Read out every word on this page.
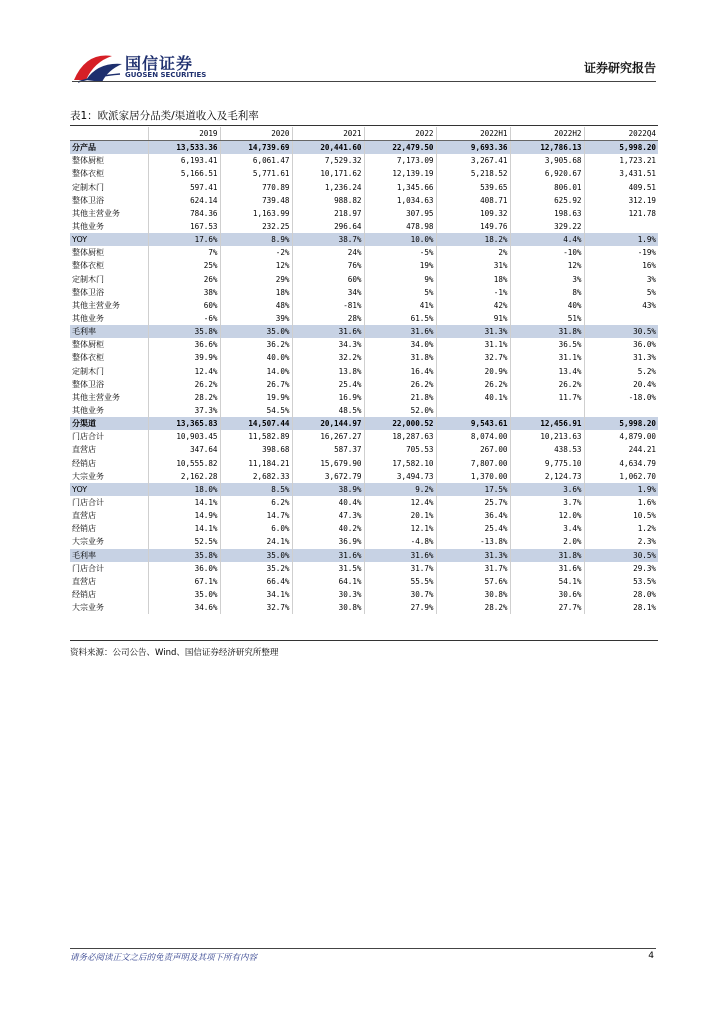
国信证券
GUOSEN SECURITIES	证券研究报告
表1：欧派家居分品类/渠道收入及毛利率
	2019	2020	2021	2022	2022H1	2022H2	2022Q4
分产品	13,533.36	14,739.69	20,441.60	22,479.50	9,693.36	12,786.13	5,998.20
整体厨柜	6,193.41	6,061.47	7,529.32	7,173.09	3,267.41	3,905.68	1,723.21
整体衣柜	5,166.51	5,771.61	10,171.62	12,139.19	5,218.52	6,920.67	3,431.51
定制木门	597.41	770.89	1,236.24	1,345.66	539.65	806.01	409.51
整体卫浴	624.14	739.48	988.82	1,034.63	408.71	625.92	312.19
其他主营业务	784.36	1,163.99	218.97	307.95	109.32	198.63	121.78
其他业务	167.53	232.25	296.64	478.98	149.76	329.22	
YOY	17.6%	8.9%	38.7%	10.0%	18.2%	4.4%	1.9%
整体厨柜	7%	-2%	24%	-5%	2%	-10%	-19%
整体衣柜	25%	12%	76%	19%	31%	12%	16%
定制木门	26%	29%	60%	9%	18%	3%	3%
整体卫浴	38%	18%	34%	5%	-1%	8%	5%
其他主营业务	60%	48%	-81%	41%	42%	40%	43%
其他业务	-6%	39%	28%	61.5%	91%	51%	
毛利率	35.8%	35.0%	31.6%	31.6%	31.3%	31.8%	30.5%
整体厨柜	36.6%	36.2%	34.3%	34.0%	31.1%	36.5%	36.0%
整体衣柜	39.9%	40.0%	32.2%	31.8%	32.7%	31.1%	31.3%
定制木门	12.4%	14.0%	13.8%	16.4%	20.9%	13.4%	5.2%
整体卫浴	26.2%	26.7%	25.4%	26.2%	26.2%	26.2%	20.4%
其他主营业务	28.2%	19.9%	16.9%	21.8%	40.1%	11.7%	-18.0%
其他业务	37.3%	54.5%	48.5%	52.0%			
分渠道	13,365.83	14,507.44	20,144.97	22,000.52	9,543.61	12,456.91	5,998.20
门店合计	10,903.45	11,582.89	16,267.27	18,287.63	8,074.00	10,213.63	4,879.00
直营店	347.64	398.68	587.37	705.53	267.00	438.53	244.21
经销店	10,555.82	11,184.21	15,679.90	17,582.10	7,807.00	9,775.10	4,634.79
大宗业务	2,162.28	2,682.33	3,672.79	3,494.73	1,370.00	2,124.73	1,062.70
YOY	18.0%	8.5%	38.9%	9.2%	17.5%	3.6%	1.9%
门店合计	14.1%	6.2%	40.4%	12.4%	25.7%	3.7%	1.6%
直营店	14.9%	14.7%	47.3%	20.1%	36.4%	12.0%	10.5%
经销店	14.1%	6.0%	40.2%	12.1%	25.4%	3.4%	1.2%
大宗业务	52.5%	24.1%	36.9%	-4.8%	-13.8%	2.0%	2.3%
毛利率	35.8%	35.0%	31.6%	31.6%	31.3%	31.8%	30.5%
门店合计	36.0%	35.2%	31.5%	31.7%	31.7%	31.6%	29.3%
直营店	67.1%	66.4%	64.1%	55.5%	57.6%	54.1%	53.5%
经销店	35.0%	34.1%	30.3%	30.7%	30.8%	30.6%	28.0%
大宗业务	34.6%	32.7%	30.8%	27.9%	28.2%	27.7%	28.1%
资料来源：公司公告、Wind、国信证券经济研究所整理
请务必阅读正文之后的免责声明及其项下所有内容	4
